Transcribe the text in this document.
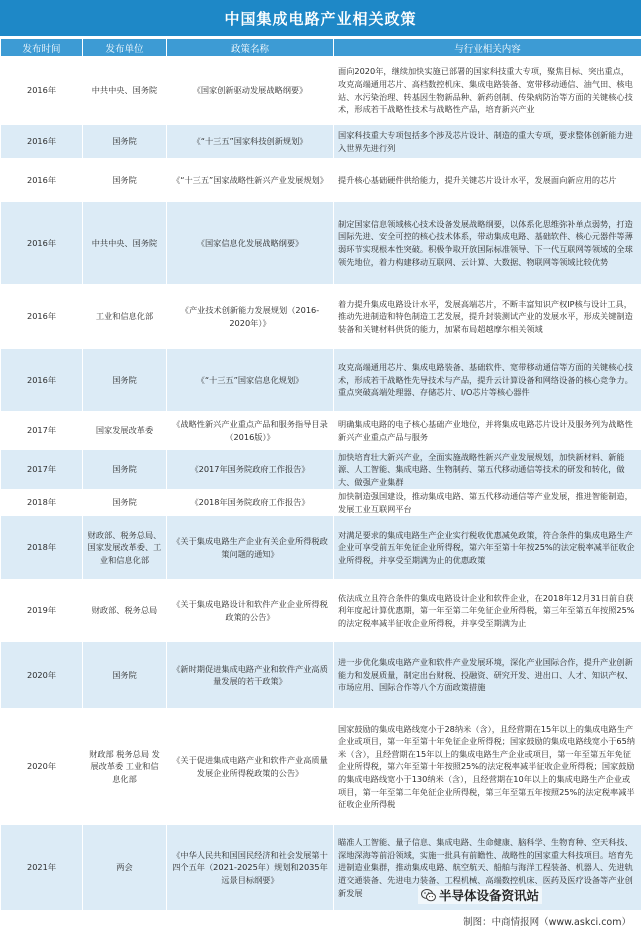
中国集成电路产业相关政策
发布时间	发布单位	政策名称	与行业相关内容
2016年	中共中央、国务院	《国家创新驱动发展战略纲要》	面向2020年，继续加快实施已部署的国家科技重大专项，聚焦目标、突出重点，攻克高端通用芯片、高档数控机床、集成电路装备、宽带移动通信、油气田、核电站、水污染治理、转基因生物新品种、新药创制、传染病防治等方面的关键核心技术，形成若干战略性技术与战略性产品，培育新兴产业
2016年	国务院	《“十三五”国家科技创新规划》	国家科技重大专项包括多个涉及芯片设计、制造的重大专项，要求整体创新能力进入世界先进行列
2016年	国务院	《“十三五”国家战略性新兴产业发展规划》	提升核心基础硬件供给能力，提升关键芯片设计水平，发展面向新应用的芯片
2016年	中共中央、国务院	《国家信息化发展战略纲要》	制定国家信息领域核心技术设备发展战略纲要，以体系化思维弥补单点弱势，打造国际先进、安全可控的核心技术体系，带动集成电路、基础软件、核心元器件等薄弱环节实现根本性突破。积极争取开放国际标准领导、下一代互联网等领域的全球领先地位，着力构建移动互联网、云计算、大数据、物联网等领域比较优势
2016年	工业和信息化部	《产业技术创新能力发展规划（2016-2020年）》	着力提升集成电路设计水平，发展高端芯片，不断丰富知识产权IP核与设计工具，推动先进制造和特色制造工艺发展，提升封装测试产业的发展水平，形成关键制造装备和关键材料供货的能力，加紧布局超越摩尔相关领域
2016年	国务院	《“十三五”国家信息化规划》	攻克高端通用芯片、集成电路装备、基础软件、宽带移动通信等方面的关键核心技术，形成若干战略性先导技术与产品，提升云计算设备和网络设备的核心竞争力。重点突破高端处理器、存储芯片、I/O芯片等核心器件
2017年	国家发展改革委	《战略性新兴产业重点产品和服务指导目录（2016版）》	明确集成电路的电子核心基础产业地位，并将集成电路芯片设计及服务列为战略性新兴产业重点产品与服务
2017年	国务院	《2017年国务院政府工作报告》	加快培育壮大新兴产业，全面实施战略性新兴产业发展规划，加快新材料、新能源、人工智能、集成电路、生物制药、第五代移动通信等技术的研发和转化，做大、做强产业集群
2018年	国务院	《2018年国务院政府工作报告》	加快制造强国建设，推动集成电路、第五代移动通信等产业发展，推进智能制造，发展工业互联网平台
2018年	财政部、税务总局、国家发展改革委、工业和信息化部	《关于集成电路生产企业有关企业所得税政策问题的通知》	对满足要求的集成电路生产企业实行税收优惠减免政策，符合条件的集成电路生产企业可享受前五年免征企业所得税，第六年至第十年按25%的法定税率减半征收企业所得税，并享受至期满为止的优惠政策
2019年	财政部、税务总局	《关于集成电路设计和软件产业企业所得税政策的公告》	依法成立且符合条件的集成电路设计企业和软件企业，在2018年12月31日前自获利年度起计算优惠期，第一年至第二年免征企业所得税，第三年至第五年按照25%的法定税率减半征收企业所得税，并享受至期满为止
2020年	国务院	《新时期促进集成电路产业和软件产业高质量发展的若干政策》	进一步优化集成电路产业和软件产业发展环境，深化产业国际合作，提升产业创新能力和发展质量，制定出台财税、投融资、研究开发、进出口、人才、知识产权、市场应用、国际合作等八个方面政策措施
2020年	财政部 税务总局 发展改革委 工业和信息化部	《关于促进集成电路产业和软件产业高质量发展企业所得税政策的公告》	国家鼓励的集成电路线宽小于28纳米（含），且经营期在15年以上的集成电路生产企业或项目，第一年至第十年免征企业所得税；国家鼓励的集成电路线宽小于65纳米（含），且经营期在15年以上的集成电路生产企业或项目，第一年至第五年免征企业所得税，第六年至第十年按照25%的法定税率减半征收企业所得税；国家鼓励的集成电路线宽小于130纳米（含），且经营期在10年以上的集成电路生产企业或项目，第一年至第二年免征企业所得税，第三年至第五年按照25%的法定税率减半征收企业所得税
2021年	两会	《中华人民共和国国民经济和社会发展第十四个五年（2021-2025年）规划和2035年远景目标纲要》	瞄准人工智能、量子信息、集成电路、生命健康、脑科学、生物育种、空天科技、深地深海等前沿领域，实施一批具有前瞻性、战略性的国家重大科技项目。培育先进制造业集群，推动集成电路、航空航天、船舶与海洋工程装备、机器人、先进轨道交通装备、先进电力装备、工程机械、高端数控机床、医药及医疗设备等产业创新发展	半导体设备资讯站
制图：中商情报网（www.askci.com）
